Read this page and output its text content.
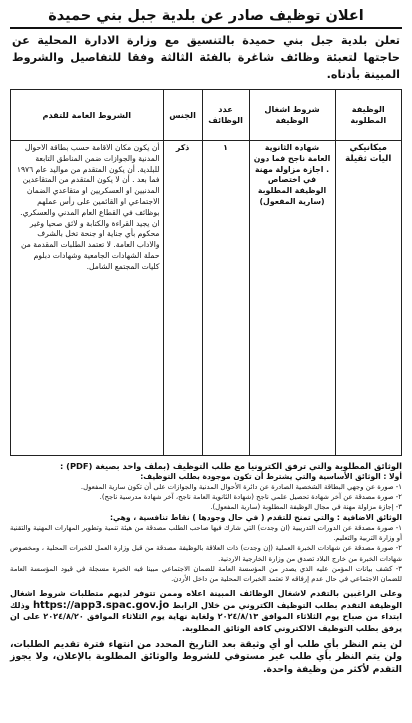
اعلان توظيف صادر عن بلدية جبل بني حميدة
تعلن بلدية جبل بني حميدة بالتنسيق مع وزارة الادارة المحلية عن حاجتها لتعبئة وظائف شاغرة بالفئة الثالثة وفقا للتفاصيل والشروط المبينة بأدناه.
الوظيفة المطلوبة	شروط اشغال الوظيفة	عدد الوظائف	الجنس	الشروط العامة للتقدم
ميكانيكي اليات ثقيلة	شهادة الثانوية العامة ناجح فما دون . اجازة مزاولة مهنة في اختصاص الوظيفة المطلوبة (سارية المفعول)	١	ذكر	أن يكون مكان الاقامة حسب بطاقة الاحوال المدنية والجوازات ضمن المناطق التابعة للبلدية. أن يكون المتقدم من مواليد عام ١٩٧٦ فما بعد . أن لا يكون المتقدم من المتقاعدين المدنيين او العسكريين او متقاعدي الضمان الاجتماعي او القائمين على رأس عملهم بوظائف في القطاع العام المدني والعسكري. ان يجيد القراءة والكتابة و لائق صحيا وغير محكوم بأي جناية او جنحة تخل بالشرف والاداب العامة. لا تعتمد الطلبات المقدمة من حملة الشهادات الجامعية وشهادات دبلوم كليات المجتمع الشامل.
الوثائق المطلوبة والتي ترفق الكترونيا مع طلب التوظيف (بملف واحد بصيغة (PDF) :
أولا : الوثائق الأساسية والتي يشترط أن تكون موجودة بطلب التوظيف:
١- صورة عن وجهي البطاقة الشخصية الصادرة عن دائرة الأحوال المدنية والجوازات على أن تكون سارية المفعول.
٢- صورة مصدقة عن آخر شهادة تحصيل علمي ناجح (شهادة الثانوية العامة ناجح، آخر شهادة مدرسية ناجح).
٣- إجازة مزاولة مهنة في مجال الوظيفة المطلوبة (سارية المفعول).
الوثائق الاضافية : والتي تمنح للتقدم ( في حال وجودها ) نقاط تنافسية ، وهي:
١- صورة مصدقة عن الدورات التدريبية (ان وجدت) التي شارك فيها صاحب الطلب مصدقة من هيئة تنمية وتطوير المهارات المهنية والتقنية أو وزارة التربية والتعليم.
٢- صورة مصدقة عن شهادات الخبرة العملية (إن وجدت) ذات العلاقة بالوظيفة مصدقة من قبل وزارة العمل للخبرات المحلية ، ومخصوص شهادات الخبرة من خارج البلاد تصدق من وزارة الخارجية الاردنية.
٣- كشف بيانات المؤمن عليه الذي يصدر من المؤسسة العامة للضمان الاجتماعي مبينا فيه الخبرة مسجلة في قيود المؤسسة العامة للضمان الاجتماعي في حال عدم إرفاقه لا تعتمد الخبرات المحلية من داخل الأردن.
وعلى الراغبين بالتقدم لاشغال الوظائف المبينة اعلاه وممن تتوفر لديهم متطلبات شروط اشغال الوظيفة التقدم بطلب التوظيف الكتروني من خلال الرابط https://app3.spac.gov.jo وذلك ابتداء من صباح يوم الثلاثاء الموافق ٢٠٢٤/٨/١٣ ولغاية نهاية يوم الثلاثاء الموافق ٢٠٢٤/٨/٢٠ على ان يرفق بطلب التوظيف الالكتروني كافة الوثائق المطلوبة.
لن يتم النظر بأي طلب أو أي وثيقة بعد التاريخ المحدد من انتهاء فترة تقديم الطلبات، ولن يتم النظر بأي طلب غير مستوفي للشروط والوثائق المطلوبة بالإعلان، ولا يجوز التقدم لأكثر من وظيفة واحدة.
